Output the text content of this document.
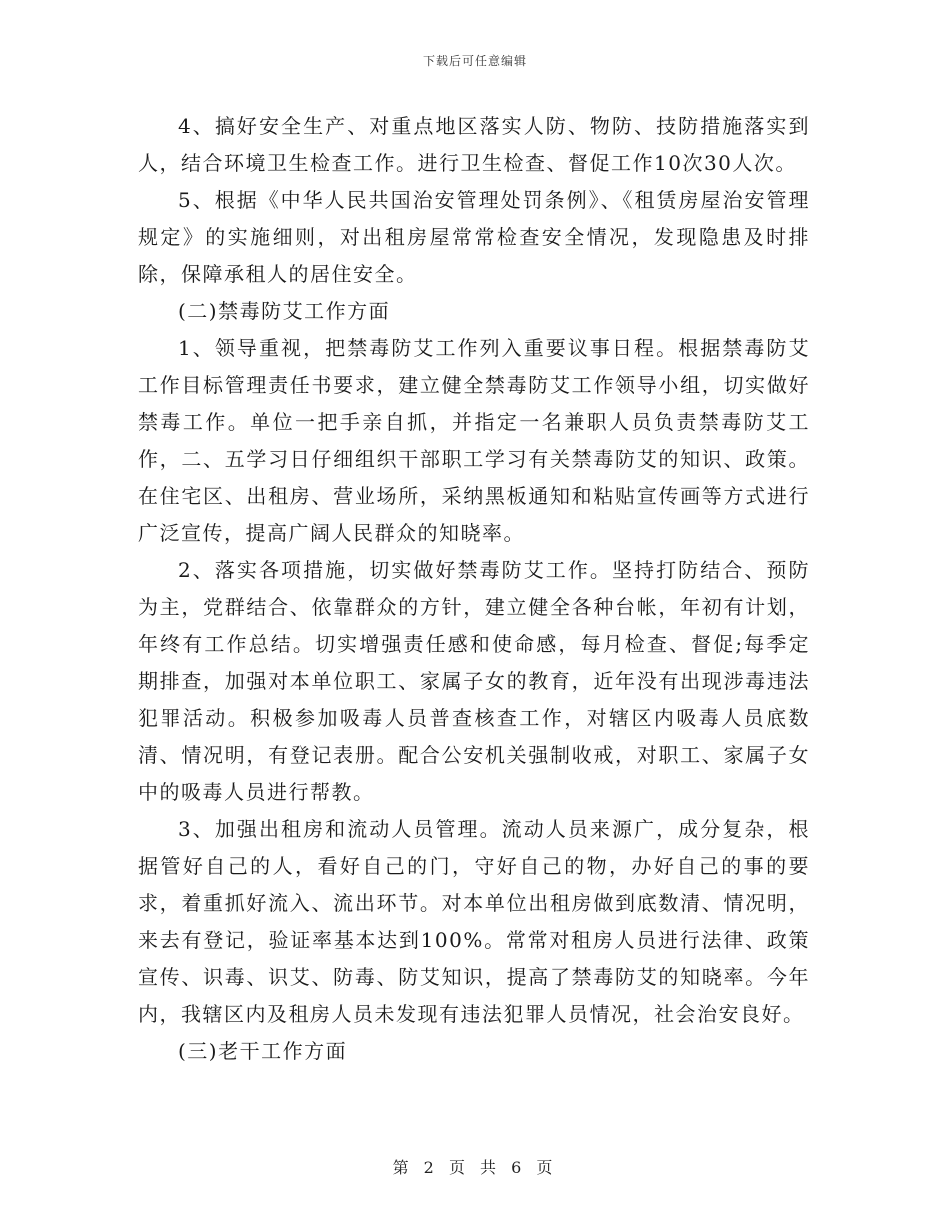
下载后可任意编辑

4、搞好安全生产、对重点地区落实人防、物防、技防措施落实到人，结合环境卫生检查工作。进行卫生检查、督促工作10次30人次。

5、根据《中华人民共国治安管理处罚条例》、《租赁房屋治安管理规定》的实施细则，对出租房屋常常检查安全情况，发现隐患及时排除，保障承租人的居住安全。

(二)禁毒防艾工作方面

1、领导重视，把禁毒防艾工作列入重要议事日程。根据禁毒防艾工作目标管理责任书要求，建立健全禁毒防艾工作领导小组，切实做好禁毒工作。单位一把手亲自抓，并指定一名兼职人员负责禁毒防艾工作，二、五学习日仔细组织干部职工学习有关禁毒防艾的知识、政策。在住宅区、出租房、营业场所，采纳黑板通知和粘贴宣传画等方式进行广泛宣传，提高广阔人民群众的知晓率。

2、落实各项措施，切实做好禁毒防艾工作。坚持打防结合、预防为主，党群结合、依靠群众的方针，建立健全各种台帐，年初有计划，年终有工作总结。切实增强责任感和使命感，每月检查、督促;每季定期排查，加强对本单位职工、家属子女的教育，近年没有出现涉毒违法犯罪活动。积极参加吸毒人员普查核查工作，对辖区内吸毒人员底数清、情况明，有登记表册。配合公安机关强制收戒，对职工、家属子女中的吸毒人员进行帮教。

3、加强出租房和流动人员管理。流动人员来源广，成分复杂，根据管好自己的人，看好自己的门，守好自己的物，办好自己的事的要求，着重抓好流入、流出环节。对本单位出租房做到底数清、情况明，来去有登记，验证率基本达到100%。常常对租房人员进行法律、政策宣传、识毒、识艾、防毒、防艾知识，提高了禁毒防艾的知晓率。今年内，我辖区内及租房人员未发现有违法犯罪人员情况，社会治安良好。

(三)老干工作方面

第 2 页 共 6 页
